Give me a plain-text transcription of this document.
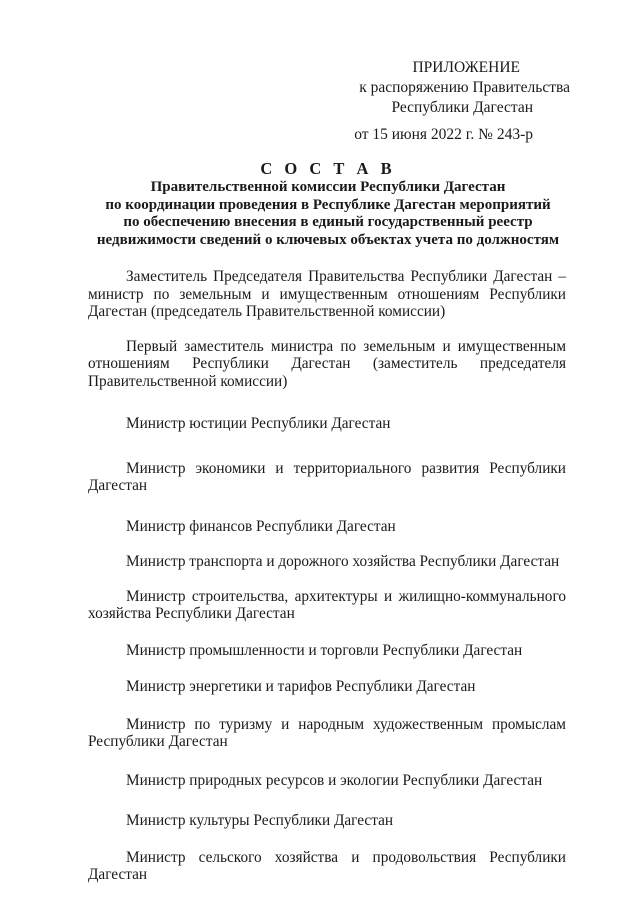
ПРИЛОЖЕНИЕ
к распоряжению Правительства
Республики Дагестан
от 15 июня 2022 г. № 243-р
С О С Т А В
Правительственной комиссии Республики Дагестан
по координации проведения в Республике Дагестан мероприятий
по обеспечению внесения в единый государственный реестр
недвижимости сведений о ключевых объектах учета по должностям
Заместитель Председателя Правительства Республики Дагестан – министр по земельным и имущественным отношениям Республики Дагестан (председатель Правительственной комиссии)
Первый заместитель министра по земельным и имущественным отношениям Республики Дагестан (заместитель председателя Правительственной комиссии)
Министр юстиции Республики Дагестан
Министр экономики и территориального развития Республики Дагестан
Министр финансов Республики Дагестан
Министр транспорта и дорожного хозяйства Республики Дагестан
Министр строительства, архитектуры и жилищно-коммунального хозяйства Республики Дагестан
Министр промышленности и торговли Республики Дагестан
Министр энергетики и тарифов Республики Дагестан
Министр по туризму и народным художественным промыслам Республики Дагестан
Министр природных ресурсов и экологии Республики Дагестан
Министр культуры Республики Дагестан
Министр сельского хозяйства и продовольствия Республики Дагестан
